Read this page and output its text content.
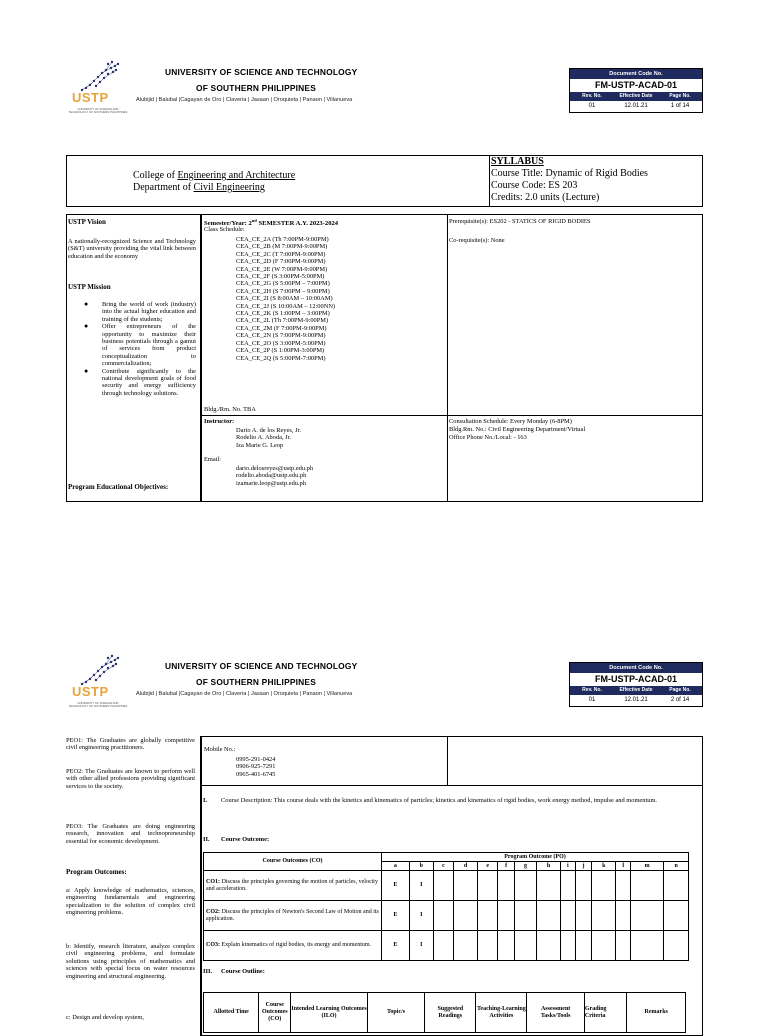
USTP
UNIVERSITY OF SCIENCE AND TECHNOLOGY OF SOUTHERN PHILIPPINES
UNIVERSITY OF SCIENCE AND TECHNOLOGY
OF SOUTHERN PHILIPPINES
Alubijid | Balubal |Cagayan de Oro | Claveria | Jasaan | Oroquieta | Panaon | Villanueva
Document Code No.
FM-USTP-ACAD-01
Rev. No.	Effective Date	Page No.
01	12.01.21	1 of 14
College of Engineering and Architecture
Department of Civil Engineering
SYLLABUS
Course Title: Dynamic of Rigid Bodies
Course Code: ES 203
Credits: 2.0 units (Lecture)
USTP Vision
A nationally-recognized Science and Technology (S&T) university providing the vital link between education and the economy
USTP Mission
● Bring the world of work (industry) into the actual higher education and training of the students;
● Offer entrepreneurs of the opportunity to maximize their business potentials through a gamut of services from product conceptualization to commercialization;
● Contribute significantly to the national development goals of food security and energy sufficiency through technology solutions.
Program Educational Objectives:
Semester/Year: 2nd SEMESTER A.Y. 2023-2024
Class Schedule:
CEA_CE_2A (Th 7:00PM-9:00PM)
CEA_CE_2B (M 7:00PM-9:00PM)
CEA_CE_2C (T 7:00PM-9:00PM)
CEA_CE_2D (F 7:00PM-9:00PM)
CEA_CE_2E (W 7:00PM-9:00PM)
CEA_CE_2F (S 3:00PM-5:00PM)
CEA_CE_2G (S 5:00PM – 7:00PM)
CEA_CE_2H (S 7:00PM – 9:00PM)
CEA_CE_2I (S 8:00AM – 10:00AM)
CEA_CE_2J (S 10:00AM – 12:00NN)
CEA_CE_2K (S 1:00PM – 3:00PM)
CEA_CE_2L (Th 7:00PM-9:00PM)
CEA_CE_2M (F 7:00PM-9:00PM)
CEA_CE_2N (S 7:00PM-9:00PM)
CEA_CE_2O (S 3:00PM-5:00PM)
CEA_CE_2P (S 1:00PM-3:00PM)
CEA_CE_2Q (S 5:00PM-7:00PM)
Bldg./Rm. No. TBA
Instructor:
Dario A. de los Reyes, Jr.
Rodelio A. Aboda, Jr.
Iza Marie G. Leop
Email:
dario.delosreyes@ustp.edu.ph
rodelio.aboda@ustp.edu.ph
izamarie.leop@ustp.edu.ph
Prerequisite(s): ES202 - STATICS OF RIGID BODIES
Co-requisite(s): None
Consultation Schedule: Every Monday (6-8PM)
Bldg.Rm. No.: Civil Engineering Department/Virtual
Office Phone No./Local: - 163
USTP
UNIVERSITY OF SCIENCE AND TECHNOLOGY OF SOUTHERN PHILIPPINES
UNIVERSITY OF SCIENCE AND TECHNOLOGY
OF SOUTHERN PHILIPPINES
Alubijid | Balubal |Cagayan de Oro | Claveria | Jasaan | Oroquieta | Panaon | Villanueva
Document Code No.
FM-USTP-ACAD-01
Rev. No.	Effective Date	Page No.
01	12.01.21	2 of 14
PEO1: The Graduates are globally competitive civil engineering practitioners.
PEO2: The Graduates are known to perform well with other allied professions providing significant services to the society.
PEO3: The Graduates are doing engineering research, innovation and technopreneurship essential for economic development.
Program Outcomes:
a: Apply knowledge of mathematics, sciences, engineering fundamentals and engineering specialization to the solution of complex civil engineering problems.
b: Identify, research literature, analyze complex civil engineering problems, and formulate solutions using principles of mathematics and sciences with special focus on water resources engineering and structural engineering.
c: Design and develop system,
Mobile No.:
0995-291-0424
0906-925-7291
0965-401-6745
I. Course Description: This course deals with the kinetics and kinematics of particles; kinetics and kinematics of rigid bodies, work energy method, impulse and momentum.
II. Course Outcome:
Course Outcomes (CO)	Program Outcome (PO)													
	a	b	c	d	e	f	g	h	i	j	k	l	m	n
CO1: Discuss the principles governing the motion of particles, velocity and acceleration.	E	I												
CO2: Discuss the principles of Newton's Second Law of Motion and its application.	E	I												
CO3: Explain kinematics of rigid bodies, its energy and momentum.	E	I												
III. Course Outline:
Allotted Time	Course Outcomes (CO)	Intended Learning Outcomes (ILO)	Topic/s	Suggested Readings	Teaching-Learning Activities	Assessment Tasks/Tools	Grading Criteria	Remarks
